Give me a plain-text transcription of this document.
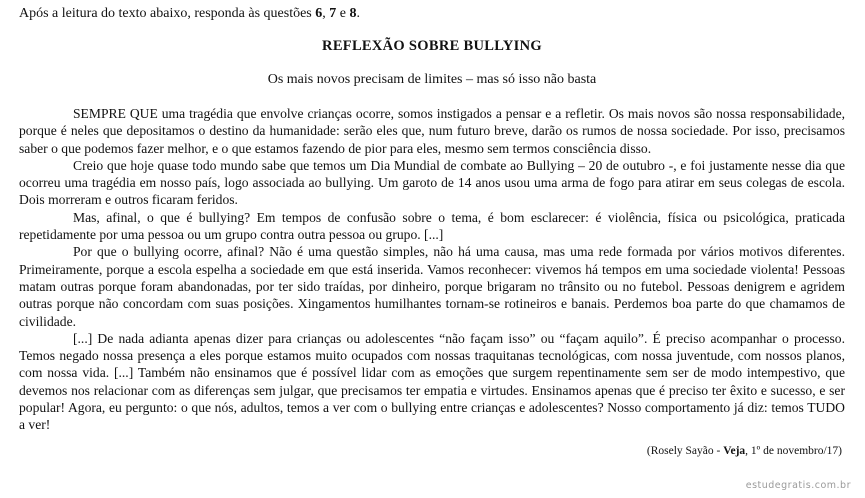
Após a leitura do texto abaixo, responda às questões 6, 7 e 8.
REFLEXÃO SOBRE BULLYING
Os mais novos precisam de limites – mas só isso não basta

SEMPRE QUE uma tragédia que envolve crianças ocorre, somos instigados a pensar e a refletir. Os mais novos são nossa responsabilidade, porque é neles que depositamos o destino da humanidade: serão eles que, num futuro breve, darão os rumos de nossa sociedade. Por isso, precisamos saber o que podemos fazer melhor, e o que estamos fazendo de pior para eles, mesmo sem termos consciência disso.

Creio que hoje quase todo mundo sabe que temos um Dia Mundial de combate ao Bullying – 20 de outubro -, e foi justamente nesse dia que ocorreu uma tragédia em nosso país, logo associada ao bullying. Um garoto de 14 anos usou uma arma de fogo para atirar em seus colegas de escola. Dois morreram e outros ficaram feridos.

Mas, afinal, o que é bullying? Em tempos de confusão sobre o tema, é bom esclarecer: é violência, física ou psicológica, praticada repetidamente por uma pessoa ou um grupo contra outra pessoa ou grupo. [...]

Por que o bullying ocorre, afinal? Não é uma questão simples, não há uma causa, mas uma rede formada por vários motivos diferentes. Primeiramente, porque a escola espelha a sociedade em que está inserida. Vamos reconhecer: vivemos há tempos em uma sociedade violenta! Pessoas matam outras porque foram abandonadas, por ter sido traídas, por dinheiro, porque brigaram no trânsito ou no futebol. Pessoas denigrem e agridem outras porque não concordam com suas posições. Xingamentos humilhantes tornam-se rotineiros e banais. Perdemos boa parte do que chamamos de civilidade.

[...] De nada adianta apenas dizer para crianças ou adolescentes “não façam isso” ou “façam aquilo”. É preciso acompanhar o processo. Temos negado nossa presença a eles porque estamos muito ocupados com nossas traquitanas tecnológicas, com nossa juventude, com nossos planos, com nossa vida. [...] Também não ensinamos que é possível lidar com as emoções que surgem repentinamente sem ser de modo intempestivo, que devemos nos relacionar com as diferenças sem julgar, que precisamos ter empatia e virtudes. Ensinamos apenas que é preciso ter êxito e sucesso, e ser popular! Agora, eu pergunto: o que nós, adultos, temos a ver com o bullying entre crianças e adolescentes? Nosso comportamento já diz: temos TUDO a ver!

(Rosely Sayão - Veja, 1º de novembro/17)
estudegratis.com.br
